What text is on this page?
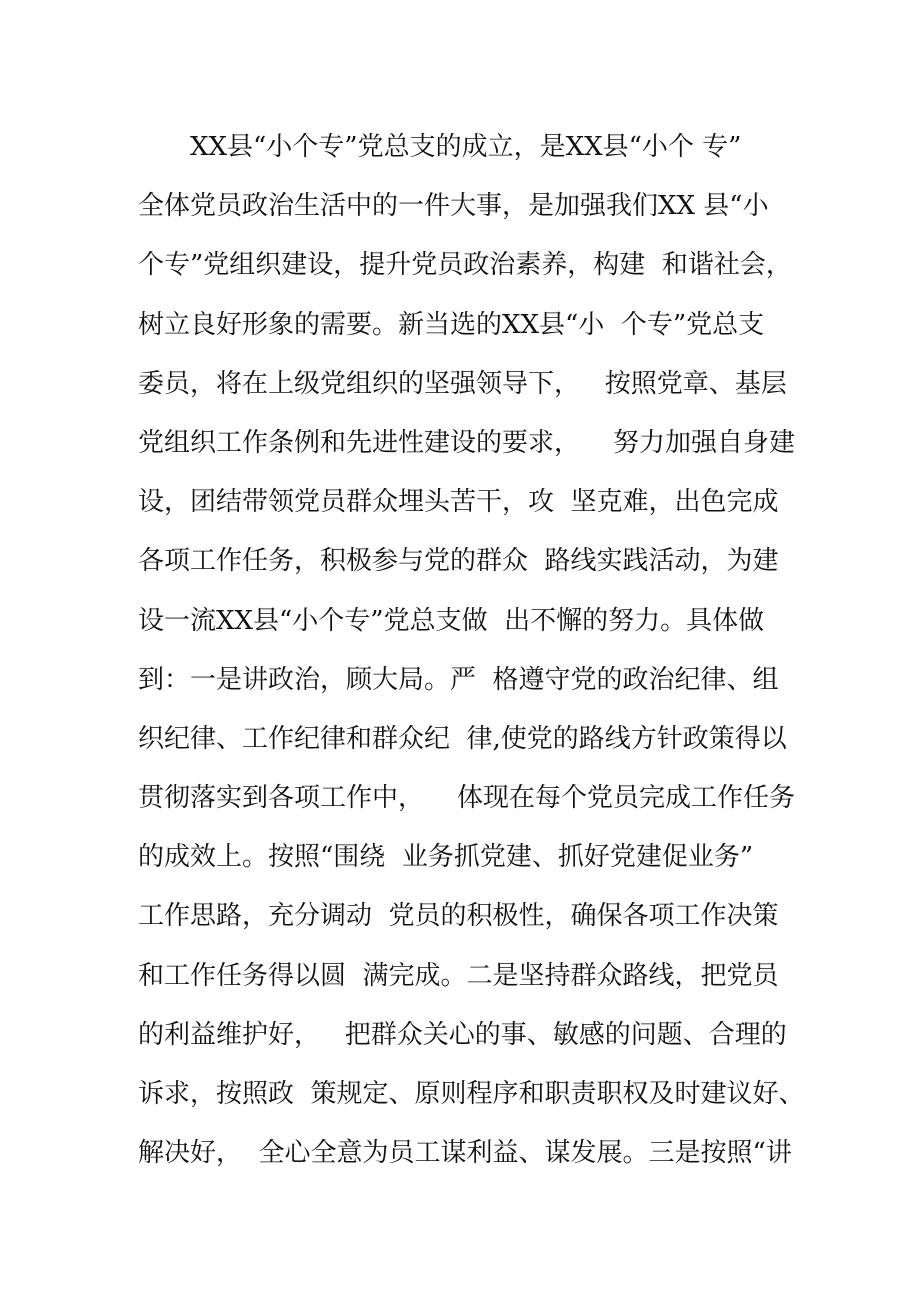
XX县“小个专”党总支的成立，是XX县“小个 专”
全体党员政治生活中的一件大事，是加强我们XX 县“小
个专”党组织建设，提升党员政治素养，构建  和谐社会，
树立良好形象的需要。新当选的XX县“小  个专”党总支
委员，将在上级党组织的坚强领导下，   按照党章、基层
党组织工作条例和先进性建设的要求，    努力加强自身建
设，团结带领党员群众埋头苦干，攻  坚克难，出色完成
各项工作任务，积极参与党的群众  路线实践活动，为建
设一流XX县“小个专”党总支做  出不懈的努力。具体做
到：一是讲政治，顾大局。严  格遵守党的政治纪律、组
织纪律、工作纪律和群众纪  律,使党的路线方针政策得以
贯彻落实到各项工作中，    体现在每个党员完成工作任务
的成效上。按照“围绕  业务抓党建、抓好党建促业务”
工作思路，充分调动  党员的积极性，确保各项工作决策
和工作任务得以圆  满完成。二是坚持群众路线，把党员
的利益维护好，   把群众关心的事、敏感的问题、合理的
诉求，按照政  策规定、原则程序和职责职权及时建议好、
解决好，  全心全意为员工谋利益、谋发展。三是按照“讲
